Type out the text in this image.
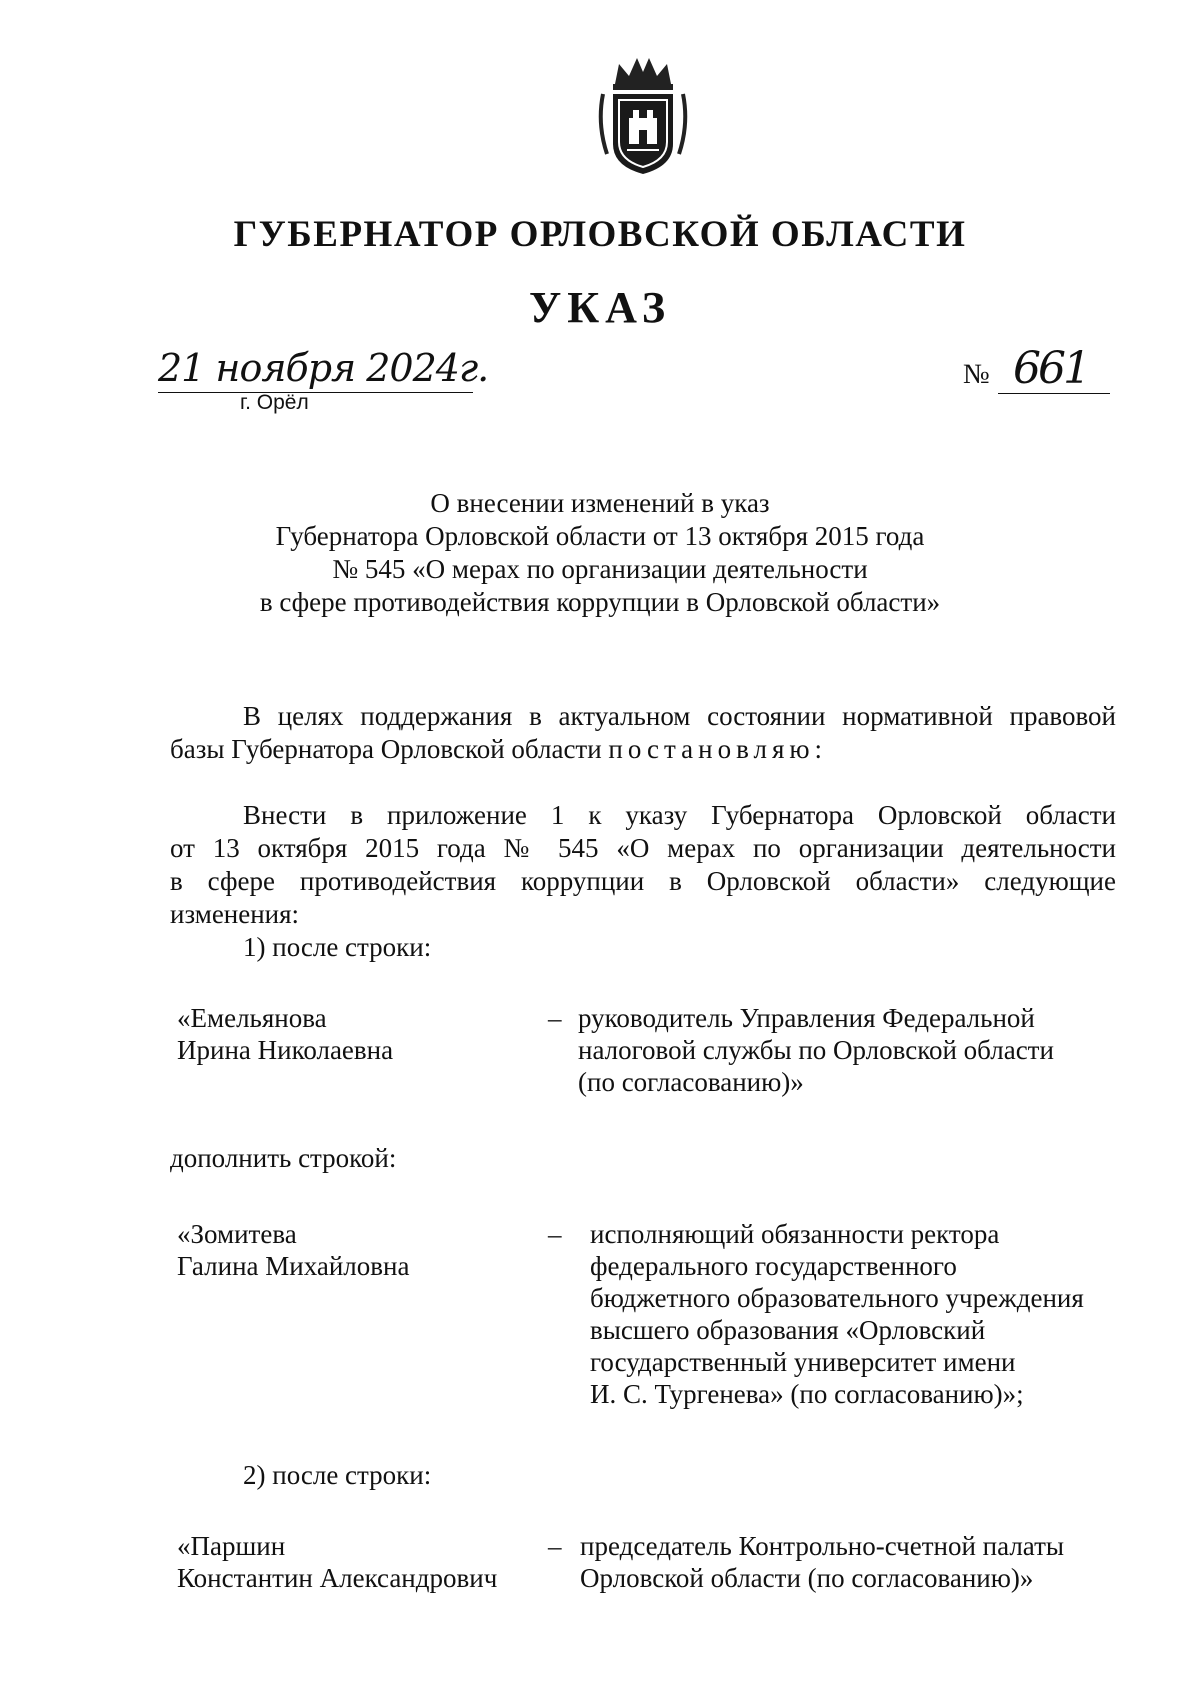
ГУБЕРНАТОР ОРЛОВСКОЙ ОБЛАСТИ
УКАЗ
21 ноября 2024г.
г. Орёл
№ 661
О внесении изменений в указ
Губернатора Орловской области от 13 октября 2015 года
№ 545 «О мерах по организации деятельности
в сфере противодействия коррупции в Орловской области»
В целях поддержания в актуальном состоянии нормативной правовой
базы Губернатора Орловской области постановляю:
Внести в приложение 1 к указу Губернатора Орловской области
от 13 октября 2015 года № 545 «О мерах по организации деятельности
в сфере противодействия коррупции в Орловской области» следующие
изменения:
1) после строки:
«Емельянова
Ирина Николаевна
– руководитель Управления Федеральной
налоговой службы по Орловской области
(по согласованию)»
дополнить строкой:
«Зомитева
Галина Михайловна
– исполняющий обязанности ректора
федерального государственного
бюджетного образовательного учреждения
высшего образования «Орловский
государственный университет имени
И. С. Тургенева» (по согласованию)»;
2) после строки:
«Паршин
Константин Александрович
– председатель Контрольно-счетной палаты
Орловской области (по согласованию)»
